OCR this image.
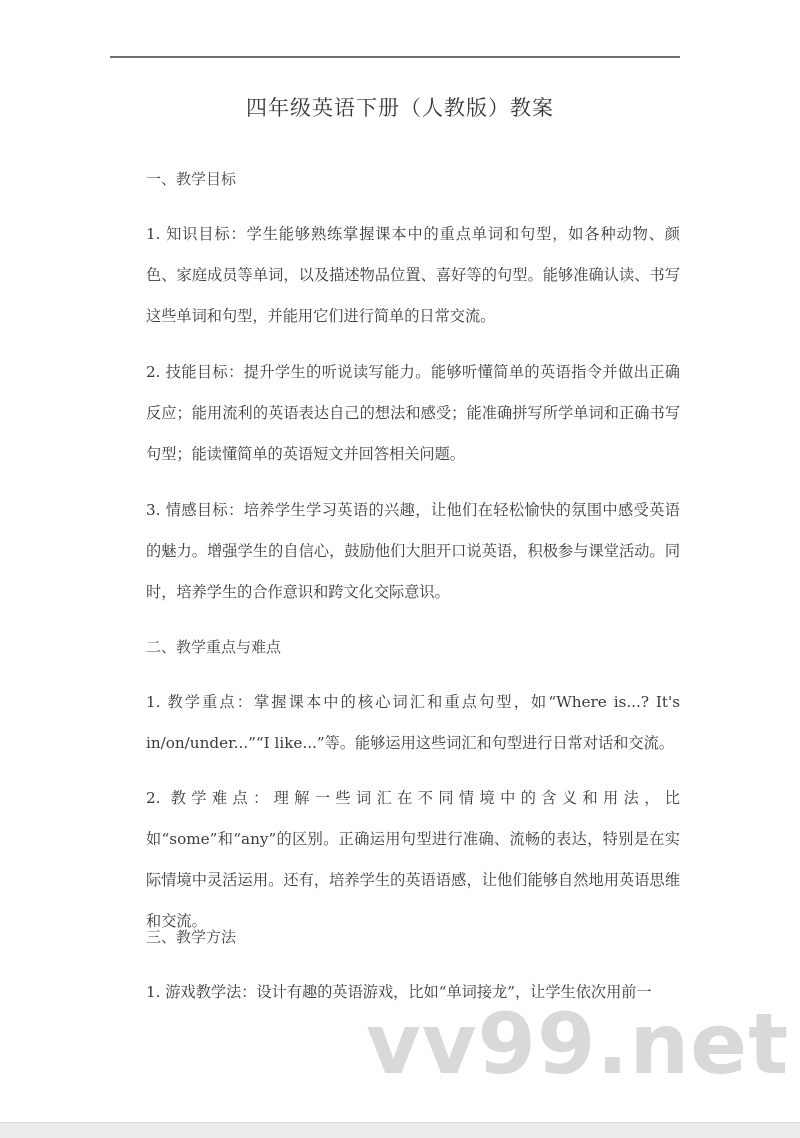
四年级英语下册（人教版）教案
一、教学目标
1. 知识目标：学生能够熟练掌握课本中的重点单词和句型，如各种动物、颜色、家庭成员等单词，以及描述物品位置、喜好等的句型。能够准确认读、书写这些单词和句型，并能用它们进行简单的日常交流。
2. 技能目标：提升学生的听说读写能力。能够听懂简单的英语指令并做出正确反应；能用流利的英语表达自己的想法和感受；能准确拼写所学单词和正确书写句型；能读懂简单的英语短文并回答相关问题。
3. 情感目标：培养学生学习英语的兴趣，让他们在轻松愉快的氛围中感受英语的魅力。增强学生的自信心，鼓励他们大胆开口说英语，积极参与课堂活动。同时，培养学生的合作意识和跨文化交际意识。
二、教学重点与难点
1. 教学重点：掌握课本中的核心词汇和重点句型，如“Where is...? It's in/on/under...”“I like...”等。能够运用这些词汇和句型进行日常对话和交流。
2. 教学难点：理解一些词汇在不同情境中的含义和用法，比如“some”和“any”的区别。正确运用句型进行准确、流畅的表达，特别是在实际情境中灵活运用。还有，培养学生的英语语感，让他们能够自然地用英语思维和交流。
三、教学方法
1. 游戏教学法：设计有趣的英语游戏，比如“单词接龙”，让学生依次用前一
vv99.net
